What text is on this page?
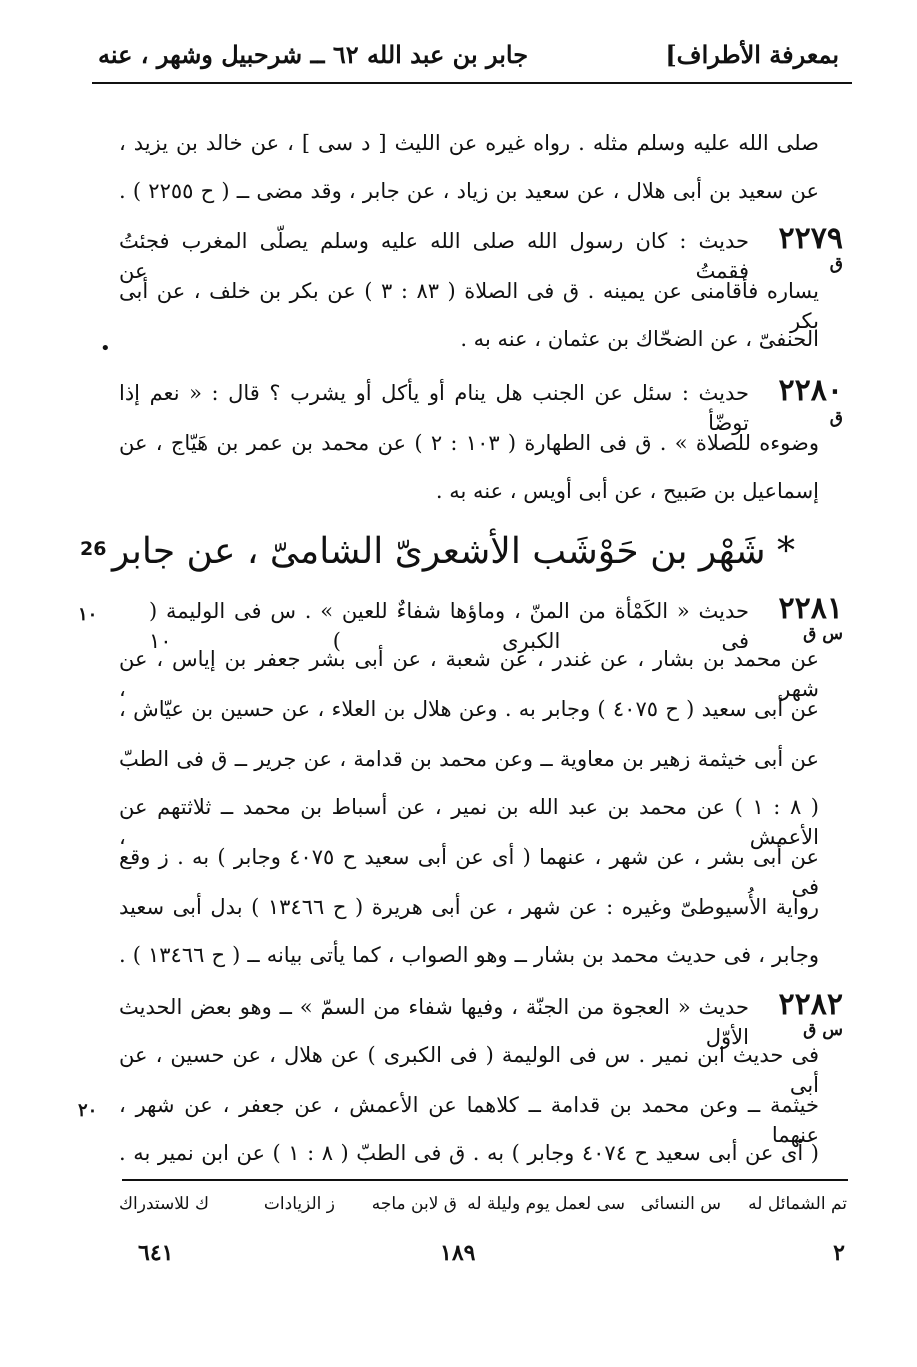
بمعرفة الأطراف]
جابر بن عبد الله ٦٢ ــ شرحبيل وشهر ، عنه
صلى الله عليه وسلم مثله . رواه غيره عن الليث [ د سى ] ، عن خالد بن يزيد ،
عن سعيد بن أبى هلال ، عن سعيد بن زياد ، عن جابر ، وقد مضى ــ ( ح ٢٢٥٥ ) .
حديث : كان رسول الله صلى الله عليه وسلم يصلّى المغرب فجئتُ فقمتُ عن
يساره فأقامنى عن يمينه . ق فى الصلاة ( ٨٣ : ٣ ) عن بكر بن خلف ، عن أبى بكر
الحنفىّ ، عن الضحّاك بن عثمان ، عنه به .
حديث : سئل عن الجنب هل ينام أو يأكل أو يشرب ؟ قال : « نعم إذا توضّأ
وضوءه للصلاة » . ق فى الطهارة ( ١٠٣ : ٢ ) عن محمد بن عمر بن هَيّاج ، عن
إسماعيل بن صَبيح ، عن أبى أويس ، عنه به .
حديث « الكَمْأة من المنّ ، وماؤها شفاءٌ للعين » . س فى الوليمة ( فى الكبرى ) ١٠
عن محمد بن بشار ، عن غندر ، عن شعبة ، عن أبى بشر جعفر بن إياس ، عن شهر ،
عن أبى سعيد ( ح ٤٠٧٥ ) وجابر به . وعن هلال بن العلاء ، عن حسين بن عيّاش ،
عن أبى خيثمة زهير بن معاوية ــ وعن محمد بن قدامة ، عن جرير ــ ق فى الطبّ
( ٨ : ١ ) عن محمد بن عبد الله بن نمير ، عن أسباط بن محمد ــ ثلاثتهم عن الأعمش ،
عن أبى بشر ، عن شهر ، عنهما ( أى عن أبى سعيد ح ٤٠٧٥ وجابر ) به . ز وقع فى
رواية الأُسيوطىّ وغيره : عن شهر ، عن أبى هريرة ( ح ١٣٤٦٦ ) بدل أبى سعيد
وجابر ، فى حديث محمد بن بشار ــ وهو الصواب ، كما يأتى بيانه ــ ( ح ١٣٤٦٦ ) .
حديث « العجوة من الجنّة ، وفيها شفاء من السمّ » ــ وهو بعض الحديث الأوّل
فى حديث ابن نمير . س فى الوليمة ( فى الكبرى ) عن هلال ، عن حسين ، عن أبى
خيثمة ــ وعن محمد بن قدامة ــ كلاهما عن الأعمش ، عن جعفر ، عن شهر ، عنهما
( أى عن أبى سعيد ح ٤٠٧٤ وجابر ) به . ق فى الطبّ ( ٨ : ١ ) عن ابن نمير به .
٢٢٧٩
٢٢٨٠
٢٢٨١
٢٢٨٢
ق
ق
س ق
س ق
•
26 * شَهْر بن حَوْشَب الأشعرىّ الشامىّ ، عن جابر
تم الشمائل له
س النسائى
سى لعمل يوم وليلة له
ق لابن ماجه
ز الزيادات
ك للاستدراك
٦٤١	١٨٩	٢
١٠
٢٠
